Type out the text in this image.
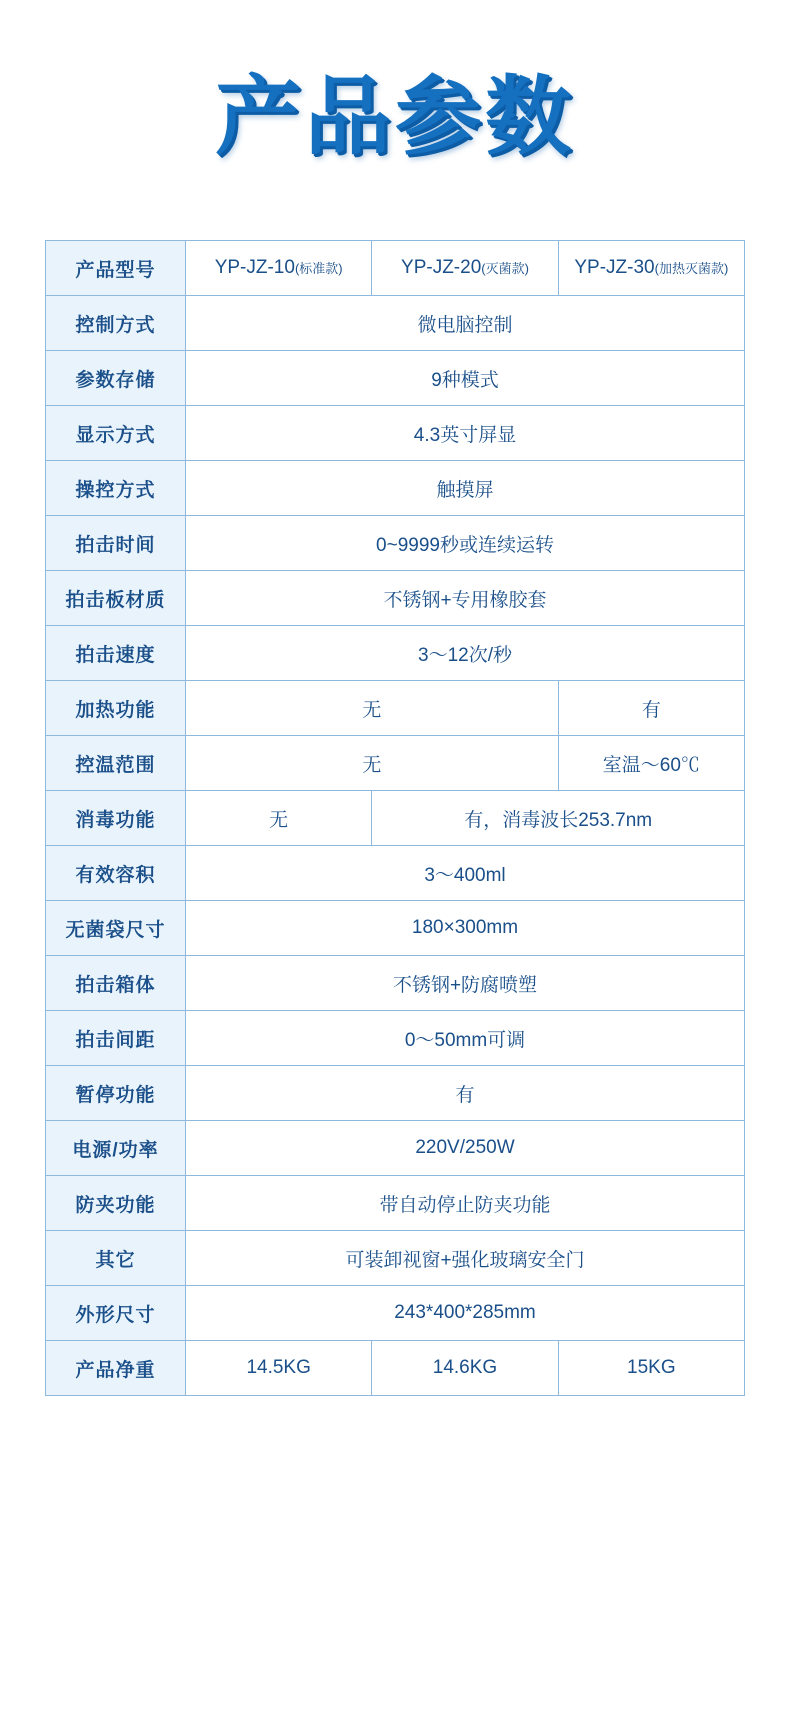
产品参数
产品型号	YP-JZ-10(标准款)	YP-JZ-20(灭菌款)	YP-JZ-30(加热灭菌款)
控制方式	微电脑控制		
参数存储	9种模式		
显示方式	4.3英寸屏显		
操控方式	触摸屏		
拍击时间	0~9999秒或连续运转		
拍击板材质	不锈钢+专用橡胶套		
拍击速度	3～12次/秒		
加热功能	无		有
控温范围	无		室温～60℃
消毒功能	无	有，消毒波长253.7nm	
有效容积	3～400ml		
无菌袋尺寸	180×300mm		
拍击箱体	不锈钢+防腐喷塑		
拍击间距	0～50mm可调		
暂停功能	有		
电源/功率	220V/250W		
防夹功能	带自动停止防夹功能		
其它	可装卸视窗+强化玻璃安全门		
外形尺寸	243*400*285mm		
产品净重	14.5KG	14.6KG	15KG
